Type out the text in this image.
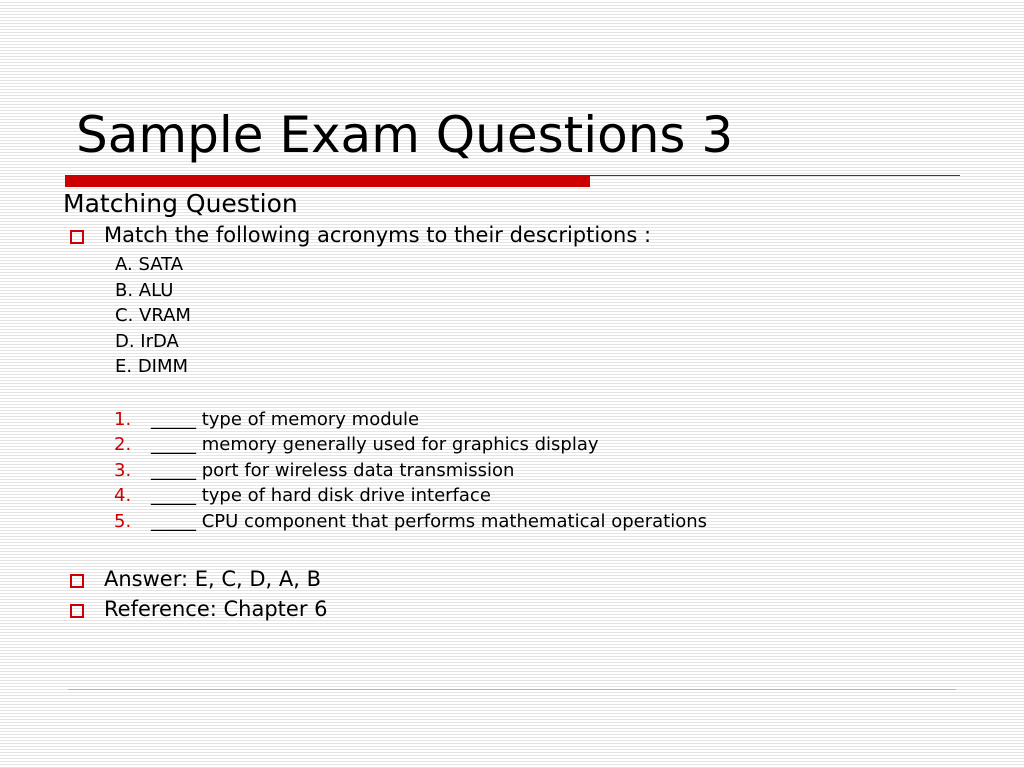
Sample Exam Questions 3
Matching Question
Match the following acronyms to their descriptions :
A. SATA
B. ALU
C. VRAM
D. IrDA
E. DIMM
1. _____ type of memory module
2. _____ memory generally used for graphics display
3. _____ port for wireless data transmission
4. _____ type of hard disk drive interface
5. _____ CPU component that performs mathematical operations
Answer: E, C, D, A, B
Reference: Chapter 6
